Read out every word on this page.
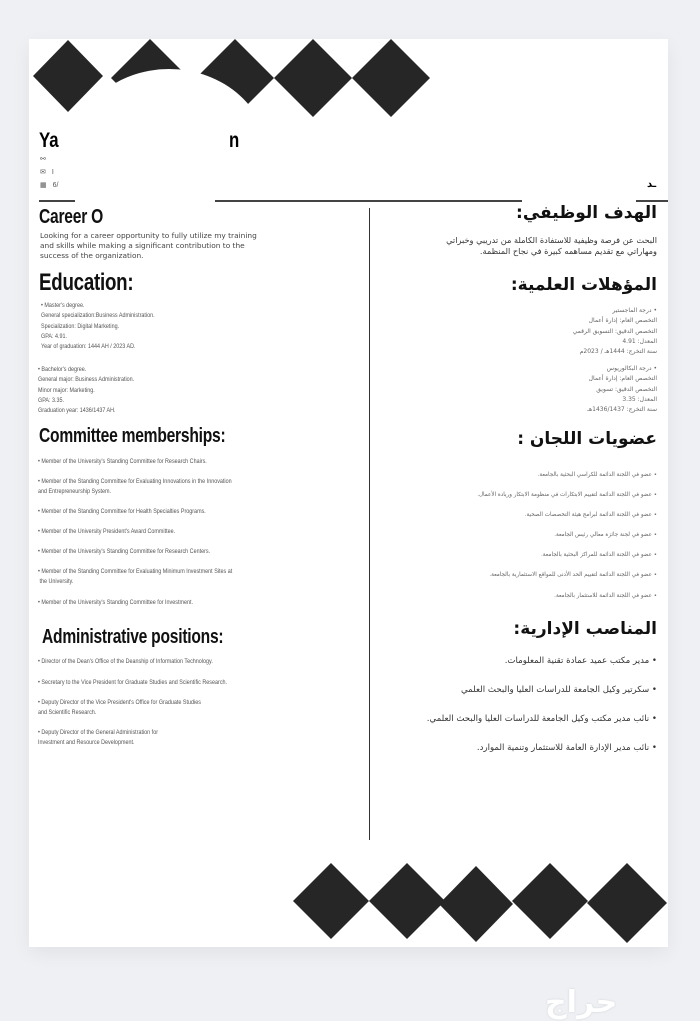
Ya	n
⚯
✉ I
▦ 6/	ـد
Career O
Looking for a career opportunity to fully utilize my training and skills while making a significant contribution to the success of the organization.
Education:
• Master's degree.
General specialization:Business Administration.
Specialization: Digital Marketing.
GPA: 4.91.
Year of graduation: 1444 AH / 2023 AD.
• Bachelor's degree.
General major: Business Administration.
Minor major: Marketing.
GPA: 3.35.
Graduation year: 1436/1437 AH.
Committee memberships:
• Member of the University's Standing Committee for Research Chairs.
• Member of the Standing Committee for Evaluating Innovations in the Innovation
and Entrepreneurship System.
• Member of the Standing Committee for Health Specialties Programs.
• Member of the University President's Award Committee.
• Member of the University's Standing Committee for Research Centers.
• Member of the Standing Committee for Evaluating Minimum Investment Sites at
the University.
• Member of the University's Standing Committee for Investment.
Administrative positions:
• Director of the Dean's Office of the Deanship of Information Technology.
• Secretary to the Vice President for Graduate Studies and Scientific Research.
• Deputy Director of the Vice President's Office for Graduate Studies
and Scientific Research.
• Deputy Director of the General Administration for
Investment and Resource Development.
الهدف الوظيفي:
البحث عن فرصة وظيفية للاستفادة الكاملة من تدريبي وخبراتي
ومهاراتي مع تقديم مساهمه كبيرة في نجاح المنظمة.
المؤهلات العلمية:
• درجة الماجستير
التخصص العام: إدارة أعمال
التخصص الدقيق: التسويق الرقمي
المعدل: 4.91
سنة التخرج: 1444هـ / 2023م
• درجة البكالوريوس
التخصص العام: إدارة أعمال
التخصص الدقيق: تسويق
المعدل: 3.35
سنة التخرج: 1436/1437هـ
عضويات اللجان :
• عضو في اللجنة الدائمة للكراسي البحثية بالجامعة.
• عضو في اللجنة الدائمة لتقييم الابتكارات في منظومة الابتكار وريادة الأعمال.
• عضو في اللجنة الدائمة لبرامج هيئة التخصصات الصحية.
• عضو في لجنة جائزة معالي رئيس الجامعة.
• عضو في اللجنة الدائمة للمراكز البحثية بالجامعة.
• عضو في اللجنة الدائمة لتقييم الحد الأدنى للمواقع الاستثمارية بالجامعة.
• عضو في اللجنة الدائمة للاستثمار بالجامعة.
المناصب الإدارية:
• مدير مكتب عميد عمادة تقنية المعلومات.
• سكرتير وكيل الجامعة للدراسات العليا والبحث العلمي
• نائب مدير مكتب وكيل الجامعة للدراسات العليا والبحث العلمي.
• نائب مدير الإدارة العامة للاستثمار وتنمية الموارد.
حراج
